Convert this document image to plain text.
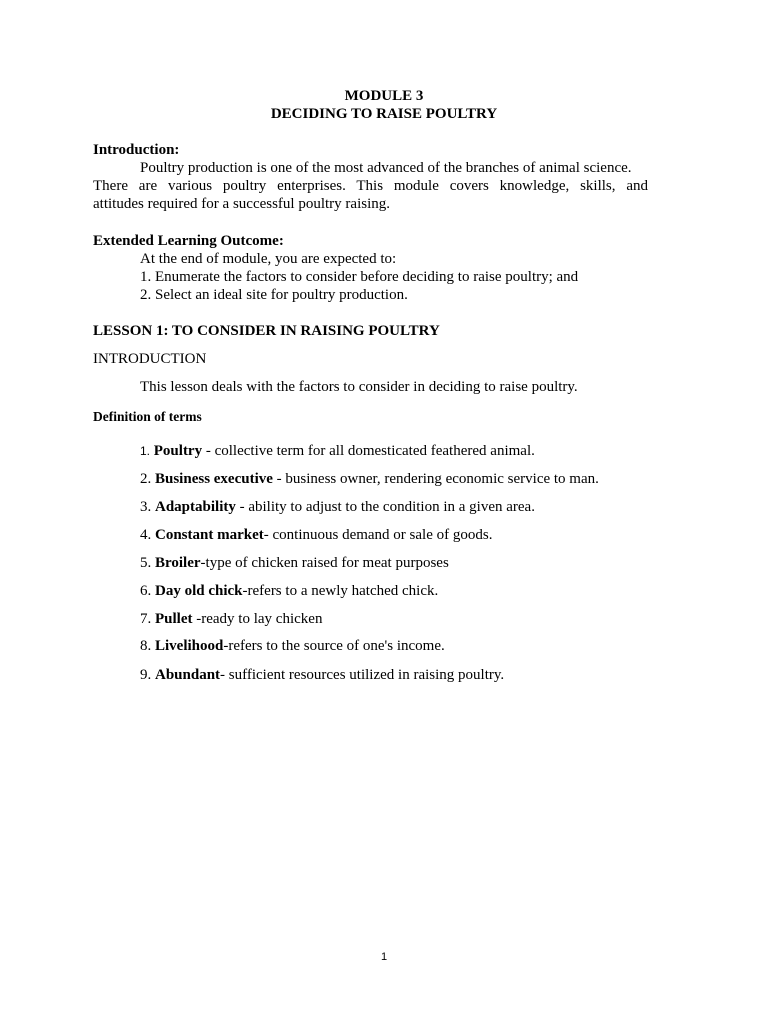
MODULE 3
DECIDING TO RAISE POULTRY
Introduction:
Poultry production is one of the most advanced of the branches of animal science.
There are various poultry enterprises. This module covers knowledge, skills, and
attitudes required for a successful poultry raising.
Extended Learning Outcome:
At the end of module, you are expected to:
1. Enumerate the factors to consider before deciding to raise poultry; and
2. Select an ideal site for poultry production.
LESSON 1: TO CONSIDER IN RAISING POULTRY
INTRODUCTION
This lesson deals with the factors to consider in deciding to raise poultry.
Definition of terms
1. Poultry - collective term for all domesticated feathered animal.
2. Business executive - business owner, rendering economic service to man.
3. Adaptability - ability to adjust to the condition in a given area.
4. Constant market- continuous demand or sale of goods.
5. Broiler-type of chicken raised for meat purposes
6. Day old chick-refers to a newly hatched chick.
7. Pullet -ready to lay chicken
8. Livelihood-refers to the source of one's income.
9. Abundant- sufficient resources utilized in raising poultry.
1
